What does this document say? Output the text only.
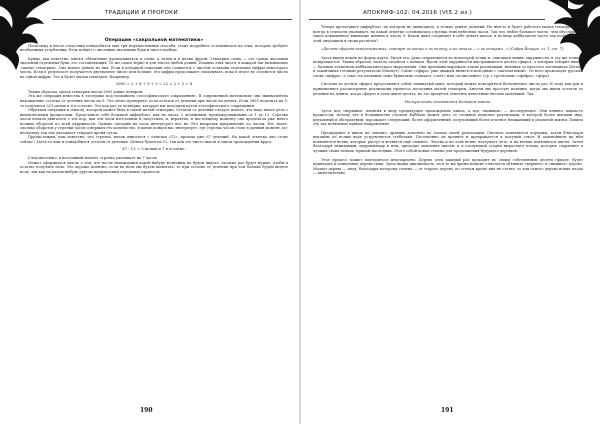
ТРАДИЦИИ И ПРОРОКИ

Операции «сакральной математики»

Поскольку в нагло следствии понадобится еще три перечисленные способа, стоит подробнее остановиться на этих, которые требуют необъемных углублении. Речь пойдет о числовых значениях букв и чисел вообще.

Буквы, как известно, имеют объективно прописываться в слова, а затем и в целые фразы. Гематрия слова — это сумма числовых значений отдельных букв, его составляющих. То же самое верно и для текста любой длины. Помимо этих чисел, в каждой так называемые «малые гематрии». Оно имеют девять из них. Если в исходной гематрии оно сливается с числом оставляя отдельные цифры некоторого числа. Если в результате получается двузначное число или больше, его цифры продолжают складывать, пока в итоге не останется число из одной цифры. Это и будет малая гематрия. Например,

2895 = 2 + 8 + 9 + 5 = 22 = 2 + 2 = 4

Таким образом, малая гематрия числа 2895 равна четырем.

Эта же операция известна в эзотерике под названием «теософического сокращения». В современной математике она эквивалентна нахождению остатка от деления числа на 9. Это легко проверить: если остаток от деления при числе на девять. Если 2895 поделить на 9, то получится 321 целых и 6 в остатке. Это как раз та четвёрка, которую мы получили путем теософического сокращения.

Обратная операция к смыслу, которой может быть в самой малой гематрии. Остаток от деления следует искать, что надо иметь дело с циклическими процессами. Представьте себе большой циферблат, как на часах, с делениями, пронумерованными от 1 до 12. Стрелка часов начала двигаться с тех пор, как эти часы изготовили и запустили, и, вероятно, к настоящему моменту она проделала уже много полных оборотов по всей окружности. Однако смотрим на часы интересуют нас не. Его напротив направление по часам. Кто знает, сколько оборотов у стрелки часов совершил это количество, в конце концов нас интересует, где стрелка часов стоит в данный момент, по-нескольку так она указывает текущее время суток.

Предположим, нам известно, что стрелка, начав двигаться с отметки «12», прошла уже 67 делений. На какой отметке она стоит сейчас? Здесь-то нам и понадобится остаток от деления. Делить будем на 12, так как это число шагов в одном прохождении круга.

67 : 12 = 5 целых и 7 в остатке.

Следовательно, в настоящий момент стрелка указывает на 7 часов.

Может оформиться мысль о том, что после нахождения какой-нибудь величины не будем видеть, сколько раз будет нужно, чтобы в остатке получить ноль. Это хорошо понятно, если на ноль мы будем вычитать, то при остатке от деления при том больше будем видеть ноль, так как на каком-нибудь другом направлении отдельные процессы.

190
АПОКРИФ-102: 04.2016 (Vt5.2 из.)

Теперь представьте циферблат, на котором не двенадцать, а только девять делений. На нём-то и будет работать малая гематрия. Она всегда в точности указывает, на какой отметке остановилась стрелка этих небесных часов. Так что любое большое число, чем обусловлено такое повышенное внимание именно к числу 9. Какой цикл соединяет в себе девять шагов, и почему каббалисты часто так пользовались этой операцией в своих расчётах?

«Десять сфирот непостижимых, сожмут их концы к их началу, а их начала — с их концами...» (Сефер Йецира, гл. 1, ст. 7).

Здесь виден намёк на форму круга. Рисуя его, рука отправляется из некоторой точки и, описывая линию окружности, в эту же точку и возвращается. Таким образом, начало сходится с концом. Вдоль этой окружности выстраиваются десять сфирот, о которых говорит книга, — базовых элементов каббалистического мироздания. Они призваны выражать этапы реализации, начиная от простого потенциала (Кетер) и заканчивая готовым результатом (Малхут). Слово «сфира» уже дважды является исходным с «математикой». От него происходят русские слова «цифра», а само это название тоже буквально означает «счёт» или «исчисление» (ср. с греческим «сфайра», сфера).

Система из десяти сфирот представляет собой замкнутый цикл, который может повторяться бесконечное число раз. К тому как рая и прикименяет рассмотрение реализации процесса последних малой гематрии. Ангелы мы простую позиции, когда мы ищем остаток от деления на девять, когда сфирот в этом цикле десять, но это придётся отметить известным числом малейшей. Так.

Малхут вновь становится Кетером нового.

Здесь под «верхним» понятия в виду предыдущее прохождение цикла, а под «нижним» — последующее. Они влияют каким-то процессом, потому что в большинстве случаев Каббала может дело со сложной моделью реализации, в которой более высший мир, идеальный и абстрактный, порождает следующий, более оформленный, получающий более плотное ближайший к реальной жизни. Пишем эту так появление прямое направление.

Предыдущее в цикле не связано, древних довольно по этапам своей реализации. Сначала появляются корешки, затем благодаря питанию из почвы верх устремляется стебельки. Постепенно он крепнет и превращается в могучий ствол. В дальнейшем на нём появляются ветви, которые растут и ветвятся ещё сильнее. Листва и на этой ветви, наступает лето, и на ветвях появляются цветы. Затем благодаря невидимым, надуманному к ним, проходит опыление цветов, и в следующей стадии вырастают плоды, которые сохраняют в лучших своих почках, прямой наследник. Этого собой новые семена для продолжения будущего деревьев.

Этот процесс может повторяться многократно. Дерево отец каждый раз проходит по своим собственным десяти сфирот, будет приводить к появлению дерева-сына. Здесь видна цикличность, но в то же время момент отметится объявить «верхнее» и «нижнее» дерево. Малхут дерева — плод, благодаря которому семена — от старого дерева, по стечам кроме них не стоять, то для самого дерева новые плода — включительно

191
